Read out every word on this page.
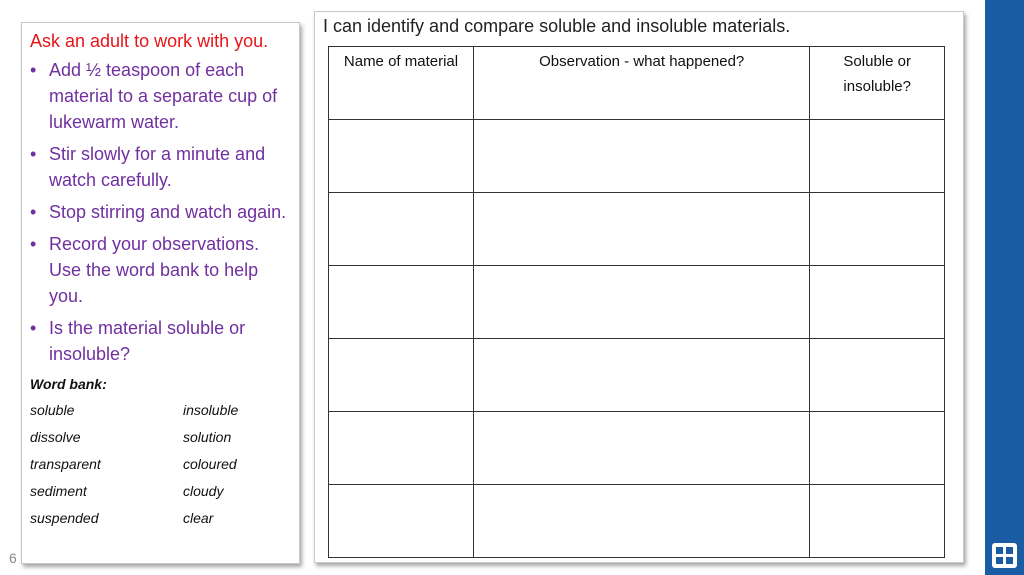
Ask an adult to work with you.

• Add ½ teaspoon of each material to a separate cup of lukewarm water.
• Stir slowly for a minute and watch carefully.
• Stop stirring and watch again.
• Record your observations. Use the word bank to help you.
• Is the material soluble or insoluble?
Word bank:
soluble	insoluble
dissolve	solution
transparent	coloured
sediment	cloudy
suspended	clear
6
I can identify and compare soluble and insoluble materials.
Name of material	Observation - what happened?	Soluble or insoluble?
